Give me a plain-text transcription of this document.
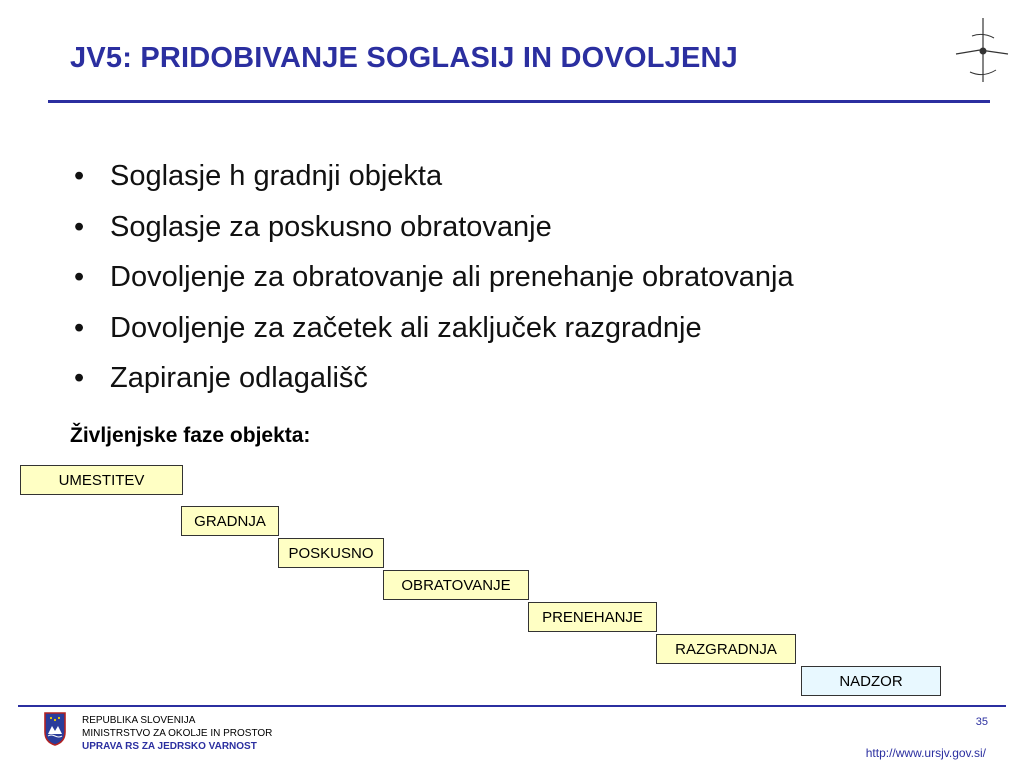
JV5: PRIDOBIVANJE SOGLASIJ IN DOVOLJENJ
• Soglasje h gradnji objekta
• Soglasje za poskusno obratovanje
• Dovoljenje za obratovanje ali prenehanje obratovanja
• Dovoljenje za začetek ali zaključek razgradnje
• Zapiranje odlagališč

Življenjske faze objekta:

UMESTITEV
GRADNJA
POSKUSNO
OBRATOVANJE
PRENEHANJE
RAZGRADNJA
NADZOR
REPUBLIKA SLOVENIJA
MINISTRSTVO ZA OKOLJE IN PROSTOR
UPRAVA RS ZA JEDRSKO VARNOST
35
http://www.ursjv.gov.si/
